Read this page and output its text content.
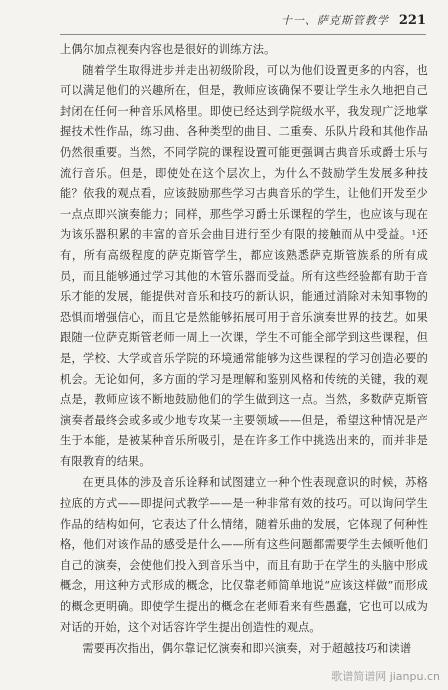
十一、萨克斯管教学 221

上偶尔加点视奏内容也是很好的训练方法。

随着学生取得进步并走出初级阶段，可以为他们设置更多的内容，也可以满足他们的兴趣所在，但是，教师应该确保不要让学生永久地把自己封闭在任何一种音乐风格里。即使已经达到学院级水平，我发现广泛地掌握技术性作品，练习曲、各种类型的曲目、二重奏、乐队片段和其他作品仍然很重要。当然，不同学院的课程设置可能更强调古典音乐或爵士乐与流行音乐。但是，即使处在这个层次上，为什么不鼓励学生发展多种技能？依我的观点看，应该鼓励那些学习古典音乐的学生，让他们开发至少一点点即兴演奏能力；同样，那些学习爵士乐课程的学生，也应该与现在为该乐器积累的丰富的音乐会曲目进行至少有限的接触而从中受益。¹还有，所有高级程度的萨克斯管学生，都应该熟悉萨克斯管族系的所有成员，而且能够通过学习其他的木管乐器而受益。所有这些经验都有助于音乐才能的发展，能提供对音乐和技巧的新认识，能通过消除对未知事物的恐惧而增强信心，而且它是然能够拓展可用于音乐演奏世界的技艺。如果跟随一位萨克斯管老师一周上一次课，学生不可能全部学到这些课程，但是，学校、大学或音乐学院的环境通常能够为这些课程的学习创造必要的机会。无论如何，多方面的学习是理解和鉴别风格和传统的关键，我的观点是，教师应该不断地鼓励他们的学生做到这一点。当然，多数萨克斯管演奏者最终会或多或少地专攻某一主要领域——但是，希望这种情况是产生于本能，是被某种音乐所吸引，是在许多工作中挑选出来的，而并非是有限教育的结果。

在更具体的涉及音乐诠释和试图建立一种个性表现意识的时候，苏格拉底的方式——即提问式教学——是一种非常有效的技巧。可以询问学生作品的结构如何，它表达了什么情绪，随着乐曲的发展，它体现了何种性格，他们对该作品的感受是什么——所有这些问题都需要学生去倾听他们自己的演奏，会使他们投入到音乐当中，而且有助于在学生的头脑中形成概念，用这种方式形成的概念，比仅靠老师简单地说“应该这样做”而形成的概念更明确。即使学生提出的概念在老师看来有些愚蠢，它也可以成为对话的开始，这个对话容许学生提出创造性的观点。

需要再次指出，偶尔靠记忆演奏和即兴演奏，对于超越技巧和读谱

歌谱简谱网 jianpu.cn
